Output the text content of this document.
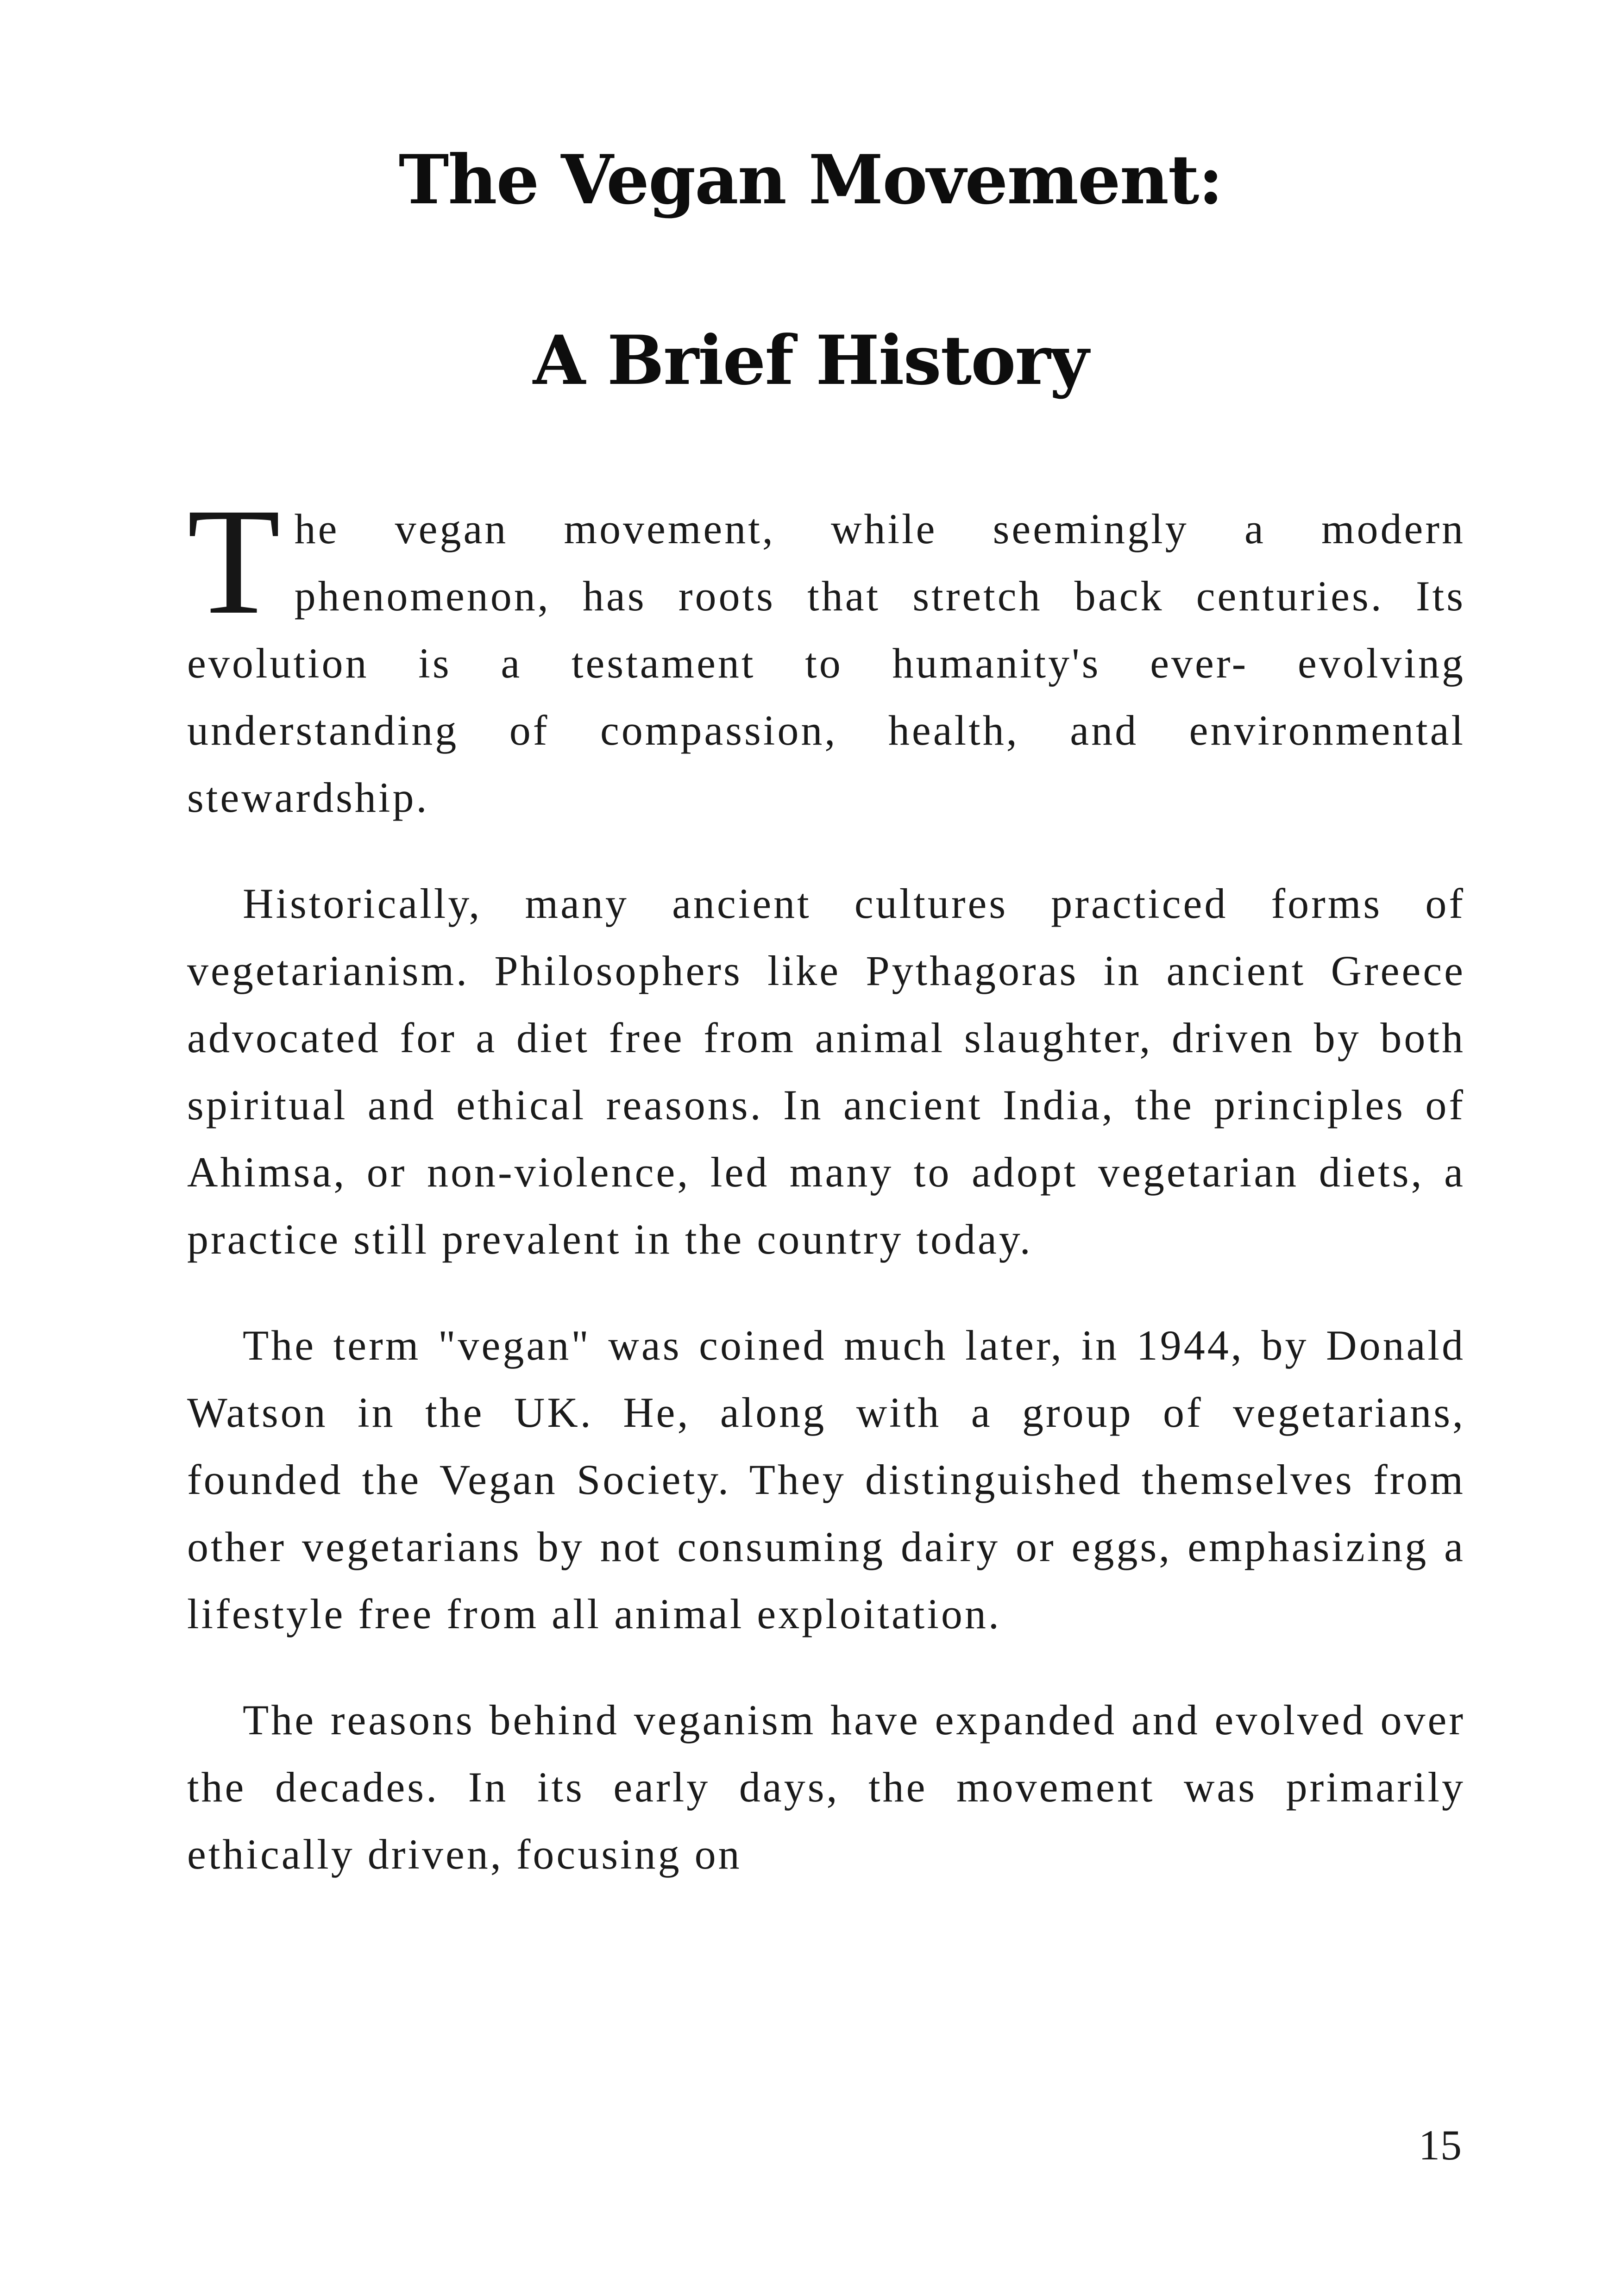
The Vegan Movement:
A Brief History

The vegan movement, while seemingly a modern phenomenon, has roots that stretch back centuries. Its evolution is a testament to humanity's ever- evolving understanding of compassion, health, and environmental stewardship.

Historically, many ancient cultures practiced forms of vegetarianism. Philosophers like Pythagoras in ancient Greece advocated for a diet free from animal slaughter, driven by both spiritual and ethical reasons. In ancient India, the principles of Ahimsa, or non-violence, led many to adopt vegetarian diets, a practice still prevalent in the country today.

The term "vegan" was coined much later, in 1944, by Donald Watson in the UK. He, along with a group of vegetarians, founded the Vegan Society. They distinguished themselves from other vegetarians by not consuming dairy or eggs, emphasizing a lifestyle free from all animal exploitation.

The reasons behind veganism have expanded and evolved over the decades. In its early days, the movement was primarily ethically driven, focusing on

15
